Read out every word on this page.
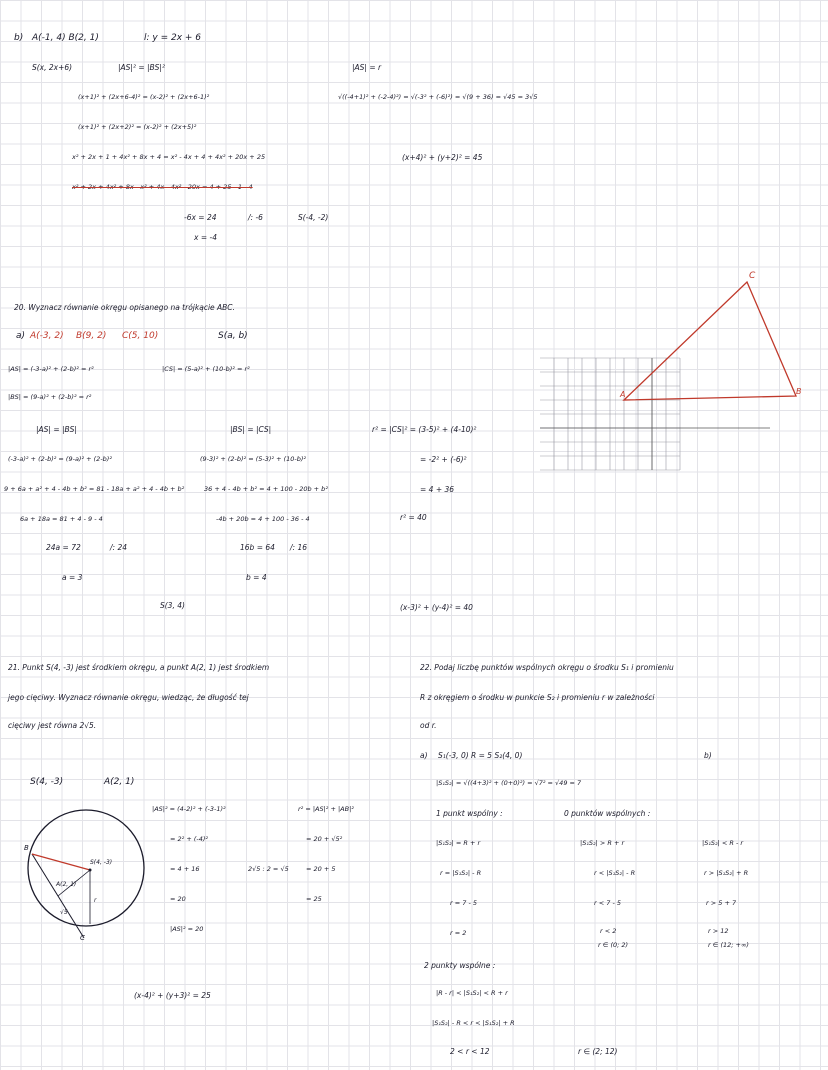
b) A(-1, 4) B(2, 1)	l: y = 2x + 6
S(x, 2x+6)	|AS|² = |BS|²
(x+1)² + (2x+6-4)² = (x-2)² + (2x+6-1)²
(x+1)² + (2x+2)² = (x-2)² + (2x+5)²
x² + 2x + 1 + 4x² + 8x + 4 = x² - 4x + 4 + 4x² + 20x + 25
x² + 2x + 4x² + 8x - x² + 4x - 4x² - 20x = 4 + 25 - 1 - 4
-6x = 24	/: -6	S(-4, -2)
x = -4
|AS| = r
√((-4+1)² + (-2-4)²) = √(-3² + (-6)²) = √(9 + 36) = √45 = 3√5
(x+4)² + (y+2)² = 45
20. Wyznacz równanie okręgu opisanego na trójkącie ABC.
a) A(-3, 2) B(9, 2) C(5, 10)	S(a, b)
|AS| = (-3-a)² + (2-b)² = r²	|CS| = (5-a)² + (10-b)² = r²
|BS| = (9-a)² + (2-b)² = r²
|AS| = |BS|
(-3-a)² + (2-b)² = (9-a)² + (2-b)²
9 + 6a + a² + 4 - 4b + b² = 81 - 18a + a² + 4 - 4b + b²
6a + 18a = 81 + 4 - 9 - 4
24a = 72	/: 24
a = 3
|BS| = |CS|
(9-3)² + (2-b)² = (5-3)² + (10-b)²
36 + 4 - 4b + b² = 4 + 100 - 20b + b²
-4b + 20b = 4 + 100 - 36 - 4
16b = 64 /: 16
b = 4
S(3, 4)
r² = |CS|² = (3-5)² + (4-10)²
= -2² + (-6)²
= 4 + 36
r² = 40
(x-3)² + (y-4)² = 40
A
C
B
21. Punkt S(4, -3) jest środkiem okręgu, a punkt A(2, 1) jest środkiem
jego cięciwy. Wyznacz równanie okręgu, wiedząc, że długość tej
cięciwy jest równa 2√5.
S(4, -3)	A(2, 1)
|AS|² = (4-2)² + (-3-1)²
= 2² + (-4)²
= 4 + 16
= 20
|AS|² = 20
r² = |AS|² + |AB|²
= 20 + √5²
2√5 : 2 = √5	= 20 + 5
= 25
(x-4)² + (y+3)² = 25
B
C
S(4, -3)
A(2, 1)
r
√5
22. Podaj liczbę punktów wspólnych okręgu o środku S₁ i promieniu
R z okręgiem o środku w punkcie S₂ i promieniu r w zależności
od r.
a) S₁(-3, 0) R = 5 S₂(4, 0)	b)
|S₁S₂| = √((4+3)² + (0+0)²) = √7² = √49 = 7
1 punkt wspólny :
|S₁S₂| = R + r
r = |S₁S₂| - R
r = 7 - 5
r = 2
0 punktów wspólnych :
|S₁S₂| > R + r
r < |S₁S₂| - R
r < 7 - 5
r < 2
r ∈ (0; 2)
|S₁S₂| < R - r
r > |S₁S₂| + R
r > 5 + 7
r > 12
r ∈ (12; +∞)
2 punkty wspólne :
|R - r| < |S₁S₂| < R + r
|S₁S₂| - R < r < |S₁S₂| + R
2 < r < 12	r ∈ (2; 12)
